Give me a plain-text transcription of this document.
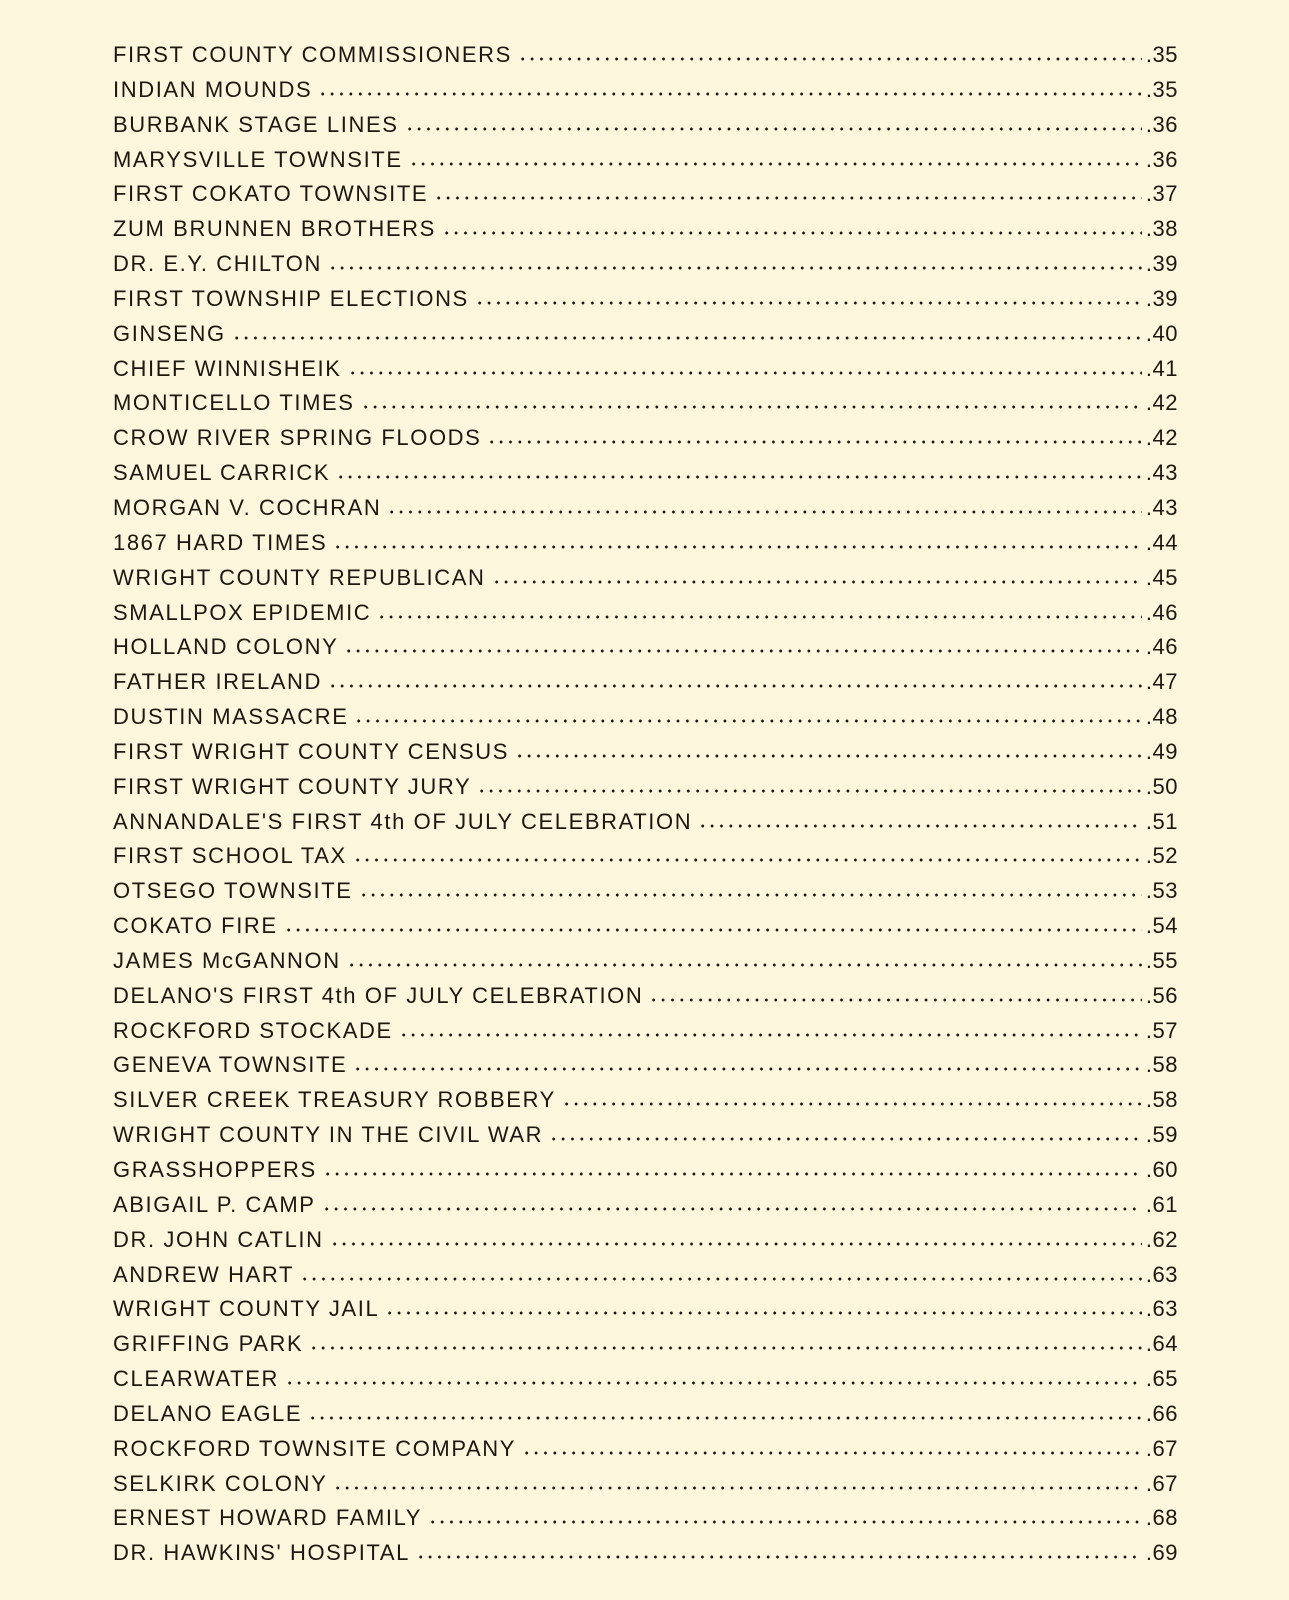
FIRST COUNTY COMMISSIONERS	.35
INDIAN MOUNDS	.35
BURBANK STAGE LINES	.36
MARYSVILLE TOWNSITE	.36
FIRST COKATO TOWNSITE	.37
ZUM BRUNNEN BROTHERS	.38
DR. E.Y. CHILTON	.39
FIRST TOWNSHIP ELECTIONS	.39
GINSENG	.40
CHIEF WINNISHEIK	.41
MONTICELLO TIMES	.42
CROW RIVER SPRING FLOODS	.42
SAMUEL CARRICK	.43
MORGAN V. COCHRAN	.43
1867 HARD TIMES	.44
WRIGHT COUNTY REPUBLICAN	.45
SMALLPOX EPIDEMIC	.46
HOLLAND COLONY	.46
FATHER IRELAND	.47
DUSTIN MASSACRE	.48
FIRST WRIGHT COUNTY CENSUS	.49
FIRST WRIGHT COUNTY JURY	.50
ANNANDALE'S FIRST 4th OF JULY CELEBRATION	.51
FIRST SCHOOL TAX	.52
OTSEGO TOWNSITE	.53
COKATO FIRE	.54
JAMES McGANNON	.55
DELANO'S FIRST 4th OF JULY CELEBRATION	.56
ROCKFORD STOCKADE	.57
GENEVA TOWNSITE	.58
SILVER CREEK TREASURY ROBBERY	.58
WRIGHT COUNTY IN THE CIVIL WAR	.59
GRASSHOPPERS	.60
ABIGAIL P. CAMP	.61
DR. JOHN CATLIN	.62
ANDREW HART	.63
WRIGHT COUNTY JAIL	.63
GRIFFING PARK	.64
CLEARWATER	.65
DELANO EAGLE	.66
ROCKFORD TOWNSITE COMPANY	.67
SELKIRK COLONY	.67
ERNEST HOWARD FAMILY	.68
DR. HAWKINS' HOSPITAL	.69
